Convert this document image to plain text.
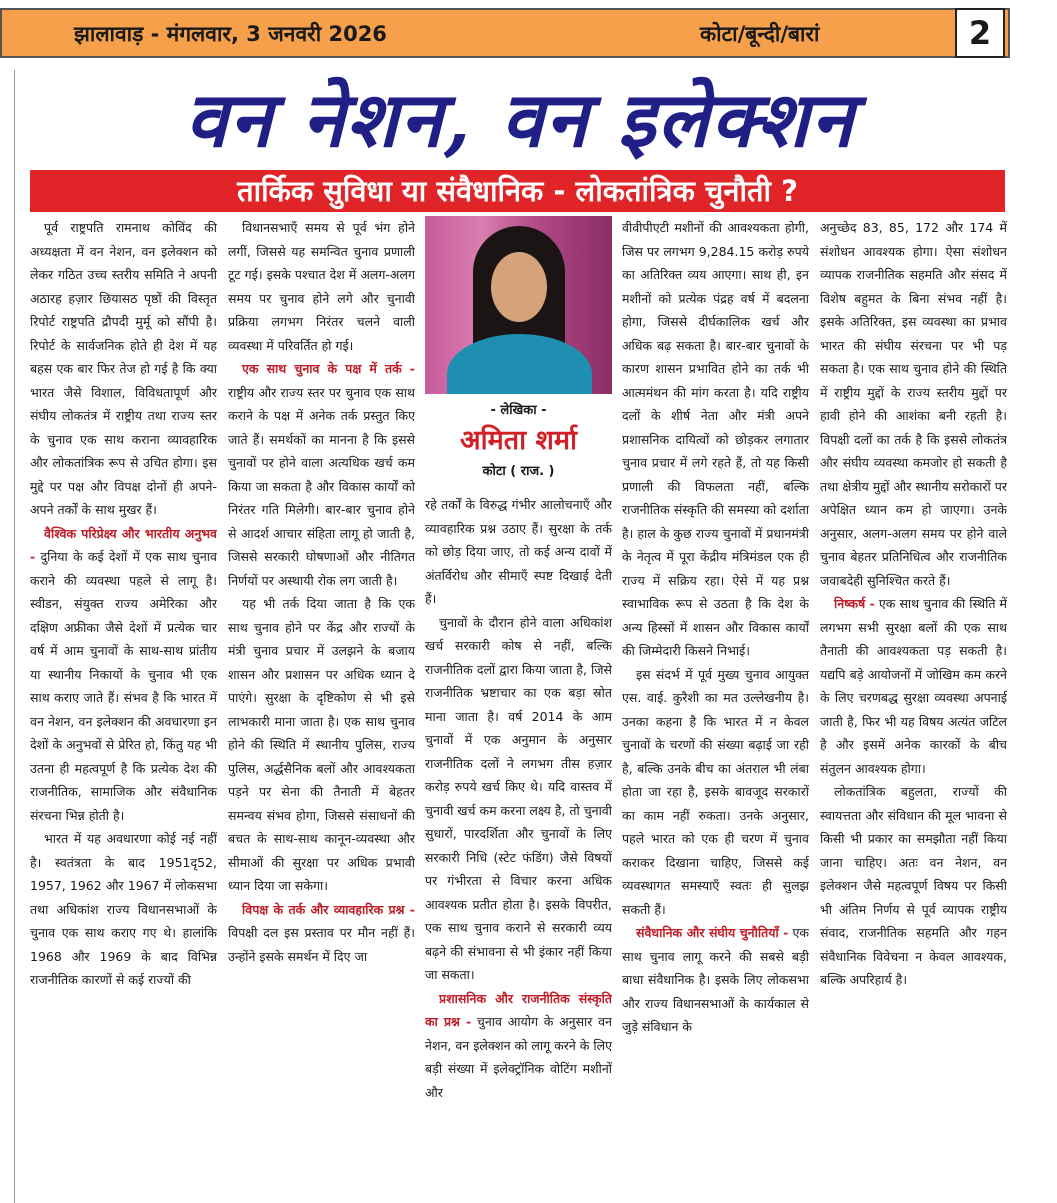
झालावाड़ - मंगलवार, 3 जनवरी 2026	कोटा/बून्दी/बारां	2
वन नेशन, वन इलेक्शन
तार्किक सुविधा या संवैधानिक - लोकतांत्रिक चुनौती ?

पूर्व राष्ट्रपति रामनाथ कोविंद की अध्यक्षता में वन नेशन, वन इलेक्शन को लेकर गठित उच्च स्तरीय समिति ने अपनी अठारह हज़ार छियासठ पृष्ठों की विस्तृत रिपोर्ट राष्ट्रपति द्रौपदी मुर्मू को सौंपी है। रिपोर्ट के सार्वजनिक होते ही देश में यह बहस एक बार फिर तेज हो गई है कि क्या भारत जैसे विशाल, विविधतापूर्ण और संघीय लोकतंत्र में राष्ट्रीय तथा राज्य स्तर के चुनाव एक साथ कराना व्यावहारिक और लोकतांत्रिक रूप से उचित होगा। इस मुद्दे पर पक्ष और विपक्ष दोनों ही अपने-अपने तर्कों के साथ मुखर हैं।

वैश्विक परिप्रेक्ष्य और भारतीय अनुभव - दुनिया के कई देशों में एक साथ चुनाव कराने की व्यवस्था पहले से लागू है। स्वीडन, संयुक्त राज्य अमेरिका और दक्षिण अफ्रीका जैसे देशों में प्रत्येक चार वर्ष में आम चुनावों के साथ-साथ प्रांतीय या स्थानीय निकायों के चुनाव भी एक साथ कराए जाते हैं। संभव है कि भारत में वन नेशन, वन इलेक्शन की अवधारणा इन देशों के अनुभवों से प्रेरित हो, किंतु यह भी उतना ही महत्वपूर्ण है कि प्रत्येक देश की राजनीतिक, सामाजिक और संवैधानिक संरचना भिन्न होती है।

भारत में यह अवधारणा कोई नई नहीं है। स्वतंत्रता के बाद 1951दृ52, 1957, 1962 और 1967 में लोकसभा तथा अधिकांश राज्य विधानसभाओं के चुनाव एक साथ कराए गए थे। हालांकि 1968 और 1969 के बाद विभिन्न राजनीतिक कारणों से कई राज्यों की

विधानसभाएँ समय से पूर्व भंग होने लगीं, जिससे यह समन्वित चुनाव प्रणाली टूट गई। इसके पश्चात देश में अलग-अलग समय पर चुनाव होने लगे और चुनावी प्रक्रिया लगभग निरंतर चलने वाली व्यवस्था में परिवर्तित हो गई।

एक साथ चुनाव के पक्ष में तर्क - राष्ट्रीय और राज्य स्तर पर चुनाव एक साथ कराने के पक्ष में अनेक तर्क प्रस्तुत किए जाते हैं। समर्थकों का मानना है कि इससे चुनावों पर होने वाला अत्यधिक खर्च कम किया जा सकता है और विकास कार्यों को निरंतर गति मिलेगी। बार-बार चुनाव होने से आदर्श आचार संहिता लागू हो जाती है, जिससे सरकारी घोषणाओं और नीतिगत निर्णयों पर अस्थायी रोक लग जाती है।

यह भी तर्क दिया जाता है कि एक साथ चुनाव होने पर केंद्र और राज्यों के मंत्री चुनाव प्रचार में उलझने के बजाय शासन और प्रशासन पर अधिक ध्यान दे पाएंगे। सुरक्षा के दृष्टिकोण से भी इसे लाभकारी माना जाता है। एक साथ चुनाव होने की स्थिति में स्थानीय पुलिस, राज्य पुलिस, अर्द्धसैनिक बलों और आवश्यकता पड़ने पर सेना की तैनाती में बेहतर समन्वय संभव होगा, जिससे संसाधनों की बचत के साथ-साथ कानून-व्यवस्था और सीमाओं की सुरक्षा पर अधिक प्रभावी ध्यान दिया जा सकेगा।

विपक्ष के तर्क और व्यावहारिक प्रश्न - विपक्षी दल इस प्रस्ताव पर मौन नहीं हैं। उन्होंने इसके समर्थन में दिए जा

- लेखिका -
अमिता शर्मा
कोटा ( राज. )

रहे तर्कों के विरुद्ध गंभीर आलोचनाएँ और व्यावहारिक प्रश्न उठाए हैं। सुरक्षा के तर्क को छोड़ दिया जाए, तो कई अन्य दावों में अंतर्विरोध और सीमाएँ स्पष्ट दिखाई देती हैं।

चुनावों के दौरान होने वाला अधिकांश खर्च सरकारी कोष से नहीं, बल्कि राजनीतिक दलों द्वारा किया जाता है, जिसे राजनीतिक भ्रष्टाचार का एक बड़ा स्रोत माना जाता है। वर्ष 2014 के आम चुनावों में एक अनुमान के अनुसार राजनीतिक दलों ने लगभग तीस हज़ार करोड़ रुपये खर्च किए थे। यदि वास्तव में चुनावी खर्च कम करना लक्ष्य है, तो चुनावी सुधारों, पारदर्शिता और चुनावों के लिए सरकारी निधि (स्टेट फंडिंग) जैसे विषयों पर गंभीरता से विचार करना अधिक आवश्यक प्रतीत होता है। इसके विपरीत, एक साथ चुनाव कराने से सरकारी व्यय बढ़ने की संभावना से भी इंकार नहीं किया जा सकता।

प्रशासनिक और राजनीतिक संस्कृति का प्रश्न - चुनाव आयोग के अनुसार वन नेशन, वन इलेक्शन को लागू करने के लिए बड़ी संख्या में इलेक्ट्रॉनिक वोटिंग मशीनों और

वीवीपीएटी मशीनों की आवश्यकता होगी, जिस पर लगभग 9,284.15 करोड़ रुपये का अतिरिक्त व्यय आएगा। साथ ही, इन मशीनों को प्रत्येक पंद्रह वर्ष में बदलना होगा, जिससे दीर्घकालिक खर्च और अधिक बढ़ सकता है। बार-बार चुनावों के कारण शासन प्रभावित होने का तर्क भी आत्ममंथन की मांग करता है। यदि राष्ट्रीय दलों के शीर्ष नेता और मंत्री अपने प्रशासनिक दायित्वों को छोड़कर लगातार चुनाव प्रचार में लगे रहते हैं, तो यह किसी प्रणाली की विफलता नहीं, बल्कि राजनीतिक संस्कृति की समस्या को दर्शाता है। हाल के कुछ राज्य चुनावों में प्रधानमंत्री के नेतृत्व में पूरा केंद्रीय मंत्रिमंडल एक ही राज्य में सक्रिय रहा। ऐसे में यह प्रश्न स्वाभाविक रूप से उठता है कि देश के अन्य हिस्सों में शासन और विकास कार्यों की जिम्मेदारी किसने निभाई।

इस संदर्भ में पूर्व मुख्य चुनाव आयुक्त एस. वाई. कुरैशी का मत उल्लेखनीय है। उनका कहना है कि भारत में न केवल चुनावों के चरणों की संख्या बढ़ाई जा रही है, बल्कि उनके बीच का अंतराल भी लंबा होता जा रहा है, इसके बावजूद सरकारों का काम नहीं रुकता। उनके अनुसार, पहले भारत को एक ही चरण में चुनाव कराकर दिखाना चाहिए, जिससे कई व्यवस्थागत समस्याएँ स्वतः ही सुलझ सकती हैं।

संवैधानिक और संघीय चुनौतियाँ - एक साथ चुनाव लागू करने की सबसे बड़ी बाधा संवैधानिक है। इसके लिए लोकसभा और राज्य विधानसभाओं के कार्यकाल से जुड़े संविधान के

अनुच्छेद 83, 85, 172 और 174 में संशोधन आवश्यक होगा। ऐसा संशोधन व्यापक राजनीतिक सहमति और संसद में विशेष बहुमत के बिना संभव नहीं है। इसके अतिरिक्त, इस व्यवस्था का प्रभाव भारत की संघीय संरचना पर भी पड़ सकता है। एक साथ चुनाव होने की स्थिति में राष्ट्रीय मुद्दों के राज्य स्तरीय मुद्दों पर हावी होने की आशंका बनी रहती है। विपक्षी दलों का तर्क है कि इससे लोकतंत्र और संघीय व्यवस्था कमजोर हो सकती है तथा क्षेत्रीय मुद्दों और स्थानीय सरोकारों पर अपेक्षित ध्यान कम हो जाएगा। उनके अनुसार, अलग-अलग समय पर होने वाले चुनाव बेहतर प्रतिनिधित्व और राजनीतिक जवाबदेही सुनिश्चित करते हैं।

निष्कर्ष - एक साथ चुनाव की स्थिति में लगभग सभी सुरक्षा बलों की एक साथ तैनाती की आवश्यकता पड़ सकती है। यद्यपि बड़े आयोजनों में जोखिम कम करने के लिए चरणबद्ध सुरक्षा व्यवस्था अपनाई जाती है, फिर भी यह विषय अत्यंत जटिल है और इसमें अनेक कारकों के बीच संतुलन आवश्यक होगा।

लोकतांत्रिक बहुलता, राज्यों की स्वायत्तता और संविधान की मूल भावना से किसी भी प्रकार का समझौता नहीं किया जाना चाहिए। अतः वन नेशन, वन इलेक्शन जैसे महत्वपूर्ण विषय पर किसी भी अंतिम निर्णय से पूर्व व्यापक राष्ट्रीय संवाद, राजनीतिक सहमति और गहन संवैधानिक विवेचना न केवल आवश्यक, बल्कि अपरिहार्य है।
